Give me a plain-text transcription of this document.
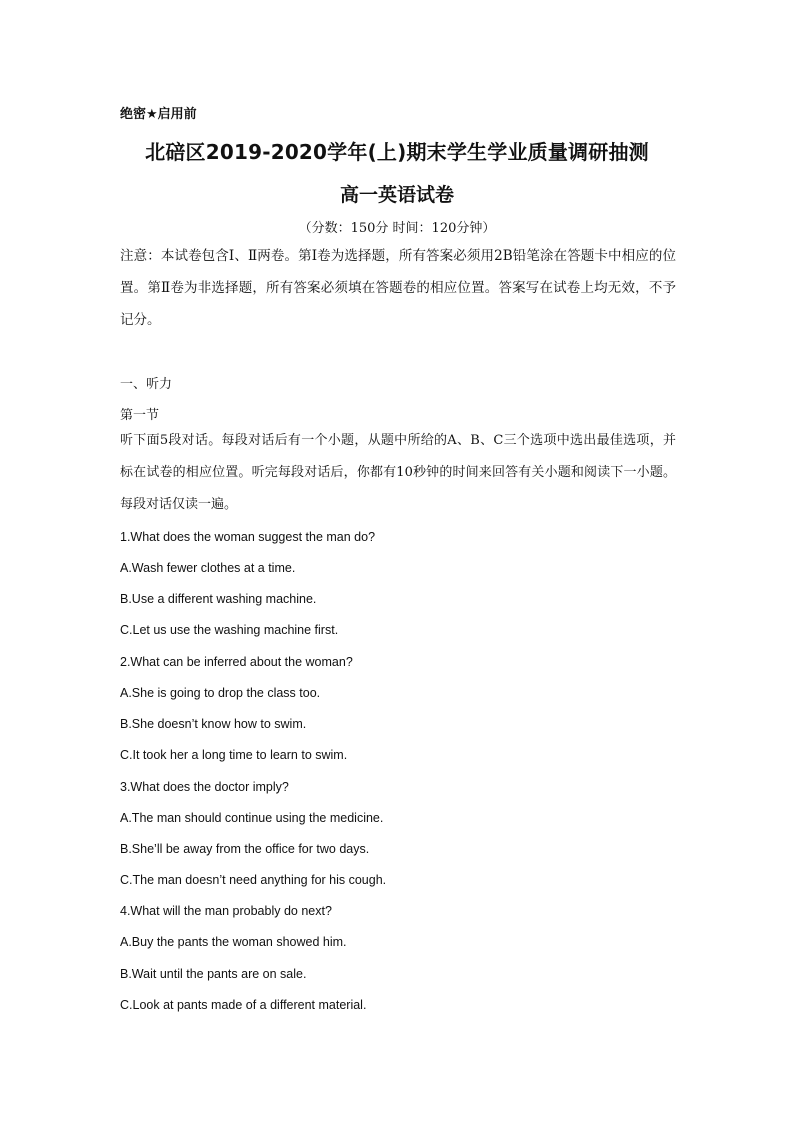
绝密★启用前
北碚区2019-2020学年(上)期末学生学业质量调研抽测
高一英语试卷
（分数：150分 时间：120分钟）
注意：本试卷包含Ⅰ、Ⅱ两卷。第Ⅰ卷为选择题，所有答案必须用2B铅笔涂在答题卡中相应的位置。第Ⅱ卷为非选择题，所有答案必须填在答题卷的相应位置。答案写在试卷上均无效，不予记分。
一、听力
第一节
听下面5段对话。每段对话后有一个小题，从题中所给的A、B、C三个选项中选出最佳选项，并标在试卷的相应位置。听完每段对话后，你都有10秒钟的时间来回答有关小题和阅读下一小题。每段对话仅读一遍。
1.What does the woman suggest the man do?
A.Wash fewer clothes at a time.
B.Use a different washing machine.
C.Let us use the washing machine first.
2.What can be inferred about the woman?
A.She is going to drop the class too.
B.She doesn’t know how to swim.
C.It took her a long time to learn to swim.
3.What does the doctor imply?
A.The man should continue using the medicine.
B.She’ll be away from the office for two days.
C.The man doesn’t need anything for his cough.
4.What will the man probably do next?
A.Buy the pants the woman showed him.
B.Wait until the pants are on sale.
C.Look at pants made of a different material.
